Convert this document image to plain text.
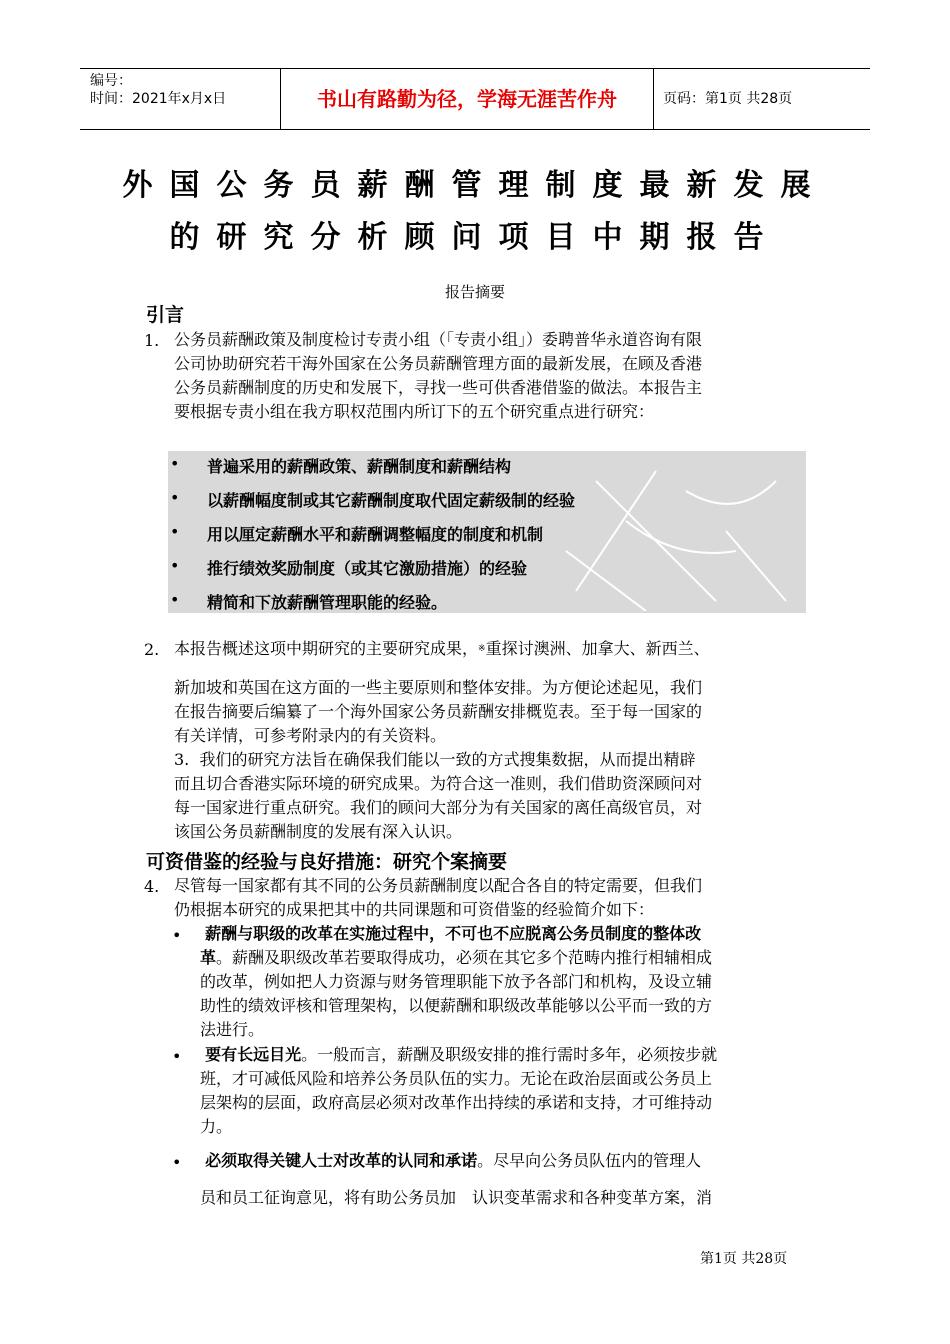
编号：
时间：2021年x月x日	书山有路勤为径，学海无涯苦作舟	页码：第1页 共28页
外国公务员薪酬管理制度最新发展
的研究分析顾问项目中期报告
报告摘要
引言
1. 公务员薪酬政策及制度检讨专责小组（「专责小组」）委聘普华永道咨询有限
公司协助研究若干海外国家在公务员薪酬管理方面的最新发展，在顾及香港
公务员薪酬制度的历史和发展下，寻找一些可供香港借鉴的做法。本报告主
要根据专责小组在我方职权范围内所订下的五个研究重点进行研究：
• 普遍采用的薪酬政策、薪酬制度和薪酬结构
• 以薪酬幅度制或其它薪酬制度取代固定薪级制的经验
• 用以厘定薪酬水平和薪酬调整幅度的制度和机制
• 推行绩效奖励制度（或其它激励措施）的经验
• 精简和下放薪酬管理职能的经验。
2. 本报告概述这项中期研究的主要研究成果，※重探讨澳洲、加拿大、新西兰、
新加坡和英国在这方面的一些主要原则和整体安排。为方便论述起见，我们
在报告摘要后编纂了一个海外国家公务员薪酬安排概览表。至于每一国家的
有关详情，可参考附录内的有关资料。
3. 我们的研究方法旨在确保我们能以一致的方式搜集数据，从而提出精辟
而且切合香港实际环境的研究成果。为符合这一准则，我们借助资深顾问对
每一国家进行重点研究。我们的顾问大部分为有关国家的离任高级官员，对
该国公务员薪酬制度的发展有深入认识。
可资借鉴的经验与良好措施：研究个案摘要
4. 尽管每一国家都有其不同的公务员薪酬制度以配合各自的特定需要，但我们
仍根据本研究的成果把其中的共同课题和可资借鉴的经验简介如下：
•	薪酬与职级的改革在实施过程中，不可也不应脱离公务员制度的整体改
革。薪酬及职级改革若要取得成功，必须在其它多个范畴内推行相辅相成
的改革，例如把人力资源与财务管理职能下放予各部门和机构，及设立辅
助性的绩效评核和管理架构，以便薪酬和职级改革能够以公平而一致的方
法进行。
•	要有长远目光。一般而言，薪酬及职级安排的推行需时多年，必须按步就
班，才可减低风险和培养公务员队伍的实力。无论在政治层面或公务员上
层架构的层面，政府高层必须对改革作出持续的承诺和支持，才可维持动
力。
•	必须取得关键人士对改革的认同和承诺。尽早向公务员队伍内的管理人
员和员工征询意见，将有助公务员加　认识变革需求和各种变革方案，消
第1页 共28页
